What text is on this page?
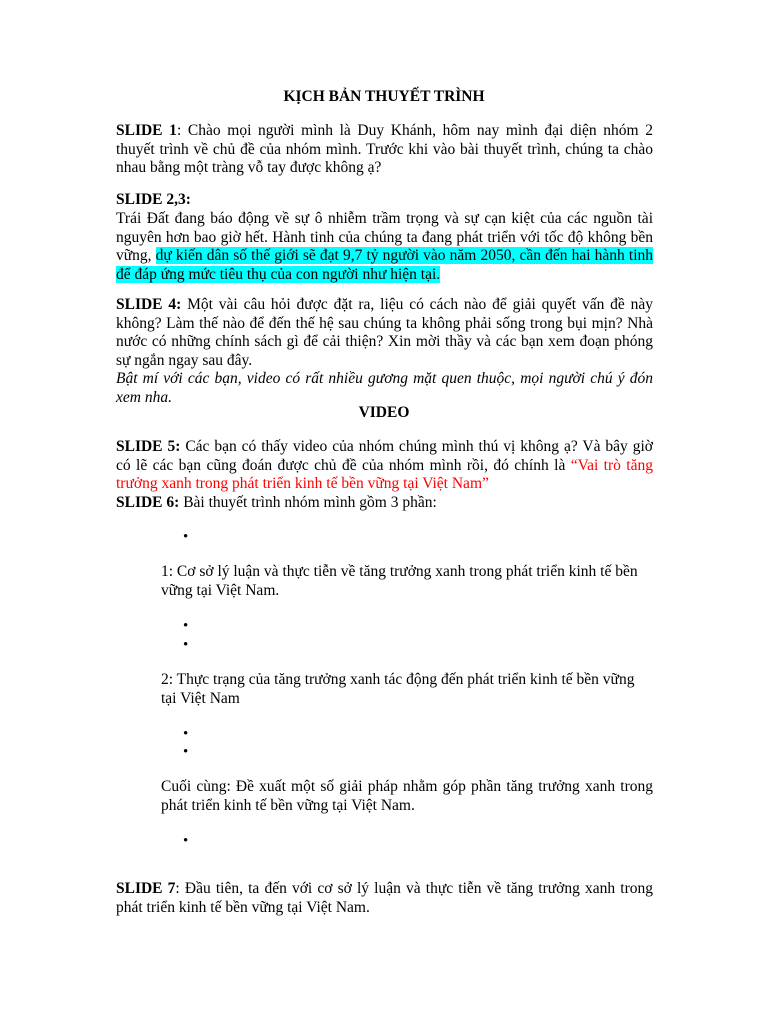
KỊCH BẢN THUYẾT TRÌNH

SLIDE 1: Chào mọi người mình là Duy Khánh, hôm nay mình đại diện nhóm 2 thuyết trình về chủ đề của nhóm mình. Trước khi vào bài thuyết trình, chúng ta chào nhau bằng một tràng vỗ tay được không ạ?

SLIDE 2,3:

Trái Đất đang báo động về sự ô nhiễm trầm trọng và sự cạn kiệt của các nguồn tài nguyên hơn bao giờ hết. Hành tinh của chúng ta đang phát triển với tốc độ không bền vững, dự kiến dân số thế giới sẽ đạt 9,7 tỷ người vào năm 2050, cần đến hai hành tinh để đáp ứng mức tiêu thụ của con người như hiện tại.

SLIDE 4: Một vài câu hỏi được đặt ra, liệu có cách nào để giải quyết vấn đề này không? Làm thế nào để đến thế hệ sau chúng ta không phải sống trong bụi mịn? Nhà nước có những chính sách gì để cải thiện? Xin mời thầy và các bạn xem đoạn phóng sự ngắn ngay sau đây.
Bật mí với các bạn, video có rất nhiều gương mặt quen thuộc, mọi người chú ý đón xem nha.

VIDEO

SLIDE 5: Các bạn có thấy video của nhóm chúng mình thú vị không ạ? Và bây giờ có lẽ các bạn cũng đoán được chủ đề của nhóm mình rồi, đó chính là “Vai trò tăng trưởng xanh trong phát triển kinh tế bền vững tại Việt Nam”

SLIDE 6: Bài thuyết trình nhóm mình gồm 3 phần:

•

1: Cơ sở lý luận và thực tiễn về tăng trưởng xanh trong phát triển kinh tế bền vững tại Việt Nam.

•
•

2: Thực trạng của tăng trưởng xanh tác động đến phát triển kinh tế bền vững tại Việt Nam

•
•

Cuối cùng: Đề xuất một số giải pháp nhằm góp phần tăng trưởng xanh trong phát triển kinh tế bền vững tại Việt Nam.

•

SLIDE 7: Đầu tiên, ta đến với cơ sở lý luận và thực tiễn về tăng trưởng xanh trong phát triển kinh tế bền vững tại Việt Nam.
